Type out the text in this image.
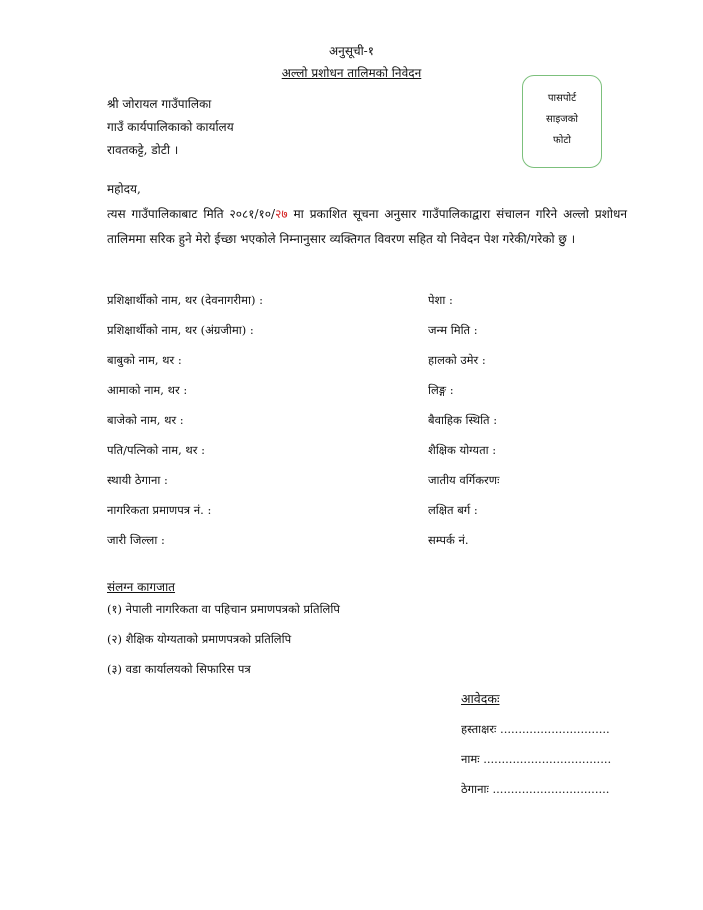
अनुसूची-१
अल्लो प्रशोधन तालिमको निवेदन
श्री जोरायल गाउँपालिका
गाउँ कार्यपालिकाको कार्यालय
रावतकट्टे, डोटी ।
पासपोर्ट
साइजको
फोटो
महोदय,
त्यस गाउँपालिकाबाट मिति २०८१/१०/२७ मा प्रकाशित सूचना अनुसार गाउँपालिकाद्वारा संचालन गरिने अल्लो प्रशोधन तालिममा सरिक हुने मेरो ईच्छा भएकोले निम्नानुसार व्यक्तिगत विवरण सहित यो निवेदन पेश गरेकी/गरेको छु ।
प्रशिक्षार्थीको नाम, थर (देवनागरीमा) :
प्रशिक्षार्थीको नाम, थर (अंग्रजीमा) :
बाबुको नाम, थर :
आमाको नाम, थर :
बाजेको नाम, थर :
पति/पत्निको नाम, थर :
स्थायी ठेगाना :
नागरिकता प्रमाणपत्र नं. :
जारी जिल्ला :
पेशा :
जन्म मिति :
हालको उमेर :
लिङ्ग :
बैवाहिक स्थिति :
शैक्षिक योग्यता :
जातीय वर्गिकरणः
लक्षित बर्ग :
सम्पर्क नं.
संलग्न कागजात
(१) नेपाली नागरिकता वा पहिचान प्रमाणपत्रको प्रतिलिपि
(२) शैक्षिक योग्यताको प्रमाणपत्रको प्रतिलिपि
(३) वडा कार्यालयको सिफारिस पत्र
आवेदकः
हस्ताक्षरः ..............................
नामः ...................................
ठेगानाः ................................
